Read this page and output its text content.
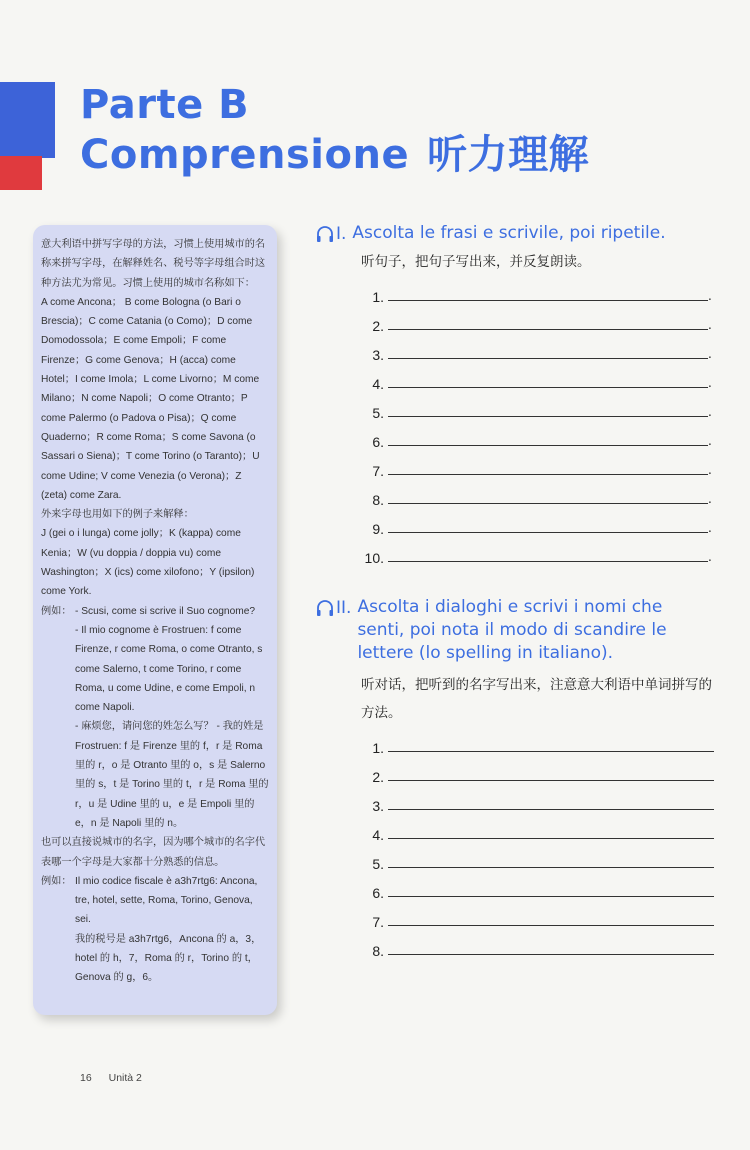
Parte B
Comprensione 听力理解

意大利语中拼写字母的方法，习惯上使用城市的名称来拼写字母，在解释姓名、税号等字母组合时这种方法尤为常见。习惯上使用的城市名称如下：

A come Ancona； B come Bologna (o Bari o Brescia)；C come Catania (o Como)；D come Domodossola；E come Empoli；F come Firenze；G come Genova；H (acca) come Hotel；I come Imola；L come Livorno；M come Milano；N come Napoli；O come Otranto；P come Palermo (o Padova o Pisa)；Q come Quaderno；R come Roma；S come Savona (o Sassari o Siena)；T come Torino (o Taranto)；U come Udine; V come Venezia (o Verona)；Z (zeta) come Zara.

外来字母也用如下的例子来解释：

J (gei o i lunga) come jolly；K (kappa) come Kenia；W (vu doppia / doppia vu) come Washington；X (ics) come xilofono；Y (ipsilon) come York.

例如： - Scusi, come si scrive il Suo cognome?

- Il mio cognome è Frostruen: f come Firenze, r come Roma, o come Otranto, s come Salerno, t come Torino, r come Roma, u come Udine, e come Empoli, n come Napoli.

- 麻烦您，请问您的姓怎么写？ - 我的姓是 Frostruen: f 是 Firenze 里的 f，r 是 Roma 里的 r，o 是 Otranto 里的 o，s 是 Salerno 里的 s，t 是 Torino 里的 t，r 是 Roma 里的 r，u 是 Udine 里的 u，e 是 Empoli 里的 e，n 是 Napoli 里的 n。

也可以直接说城市的名字，因为哪个城市的名字代表哪一个字母是大家都十分熟悉的信息。

例如： Il mio codice fiscale è a3h7rtg6: Ancona, tre, hotel, sette, Roma, Torino, Genova, sei.

我的税号是 a3h7rtg6，Ancona 的 a，3，hotel 的 h，7，Roma 的 r，Torino 的 t，Genova 的 g，6。

I. Ascolta le frasi e scrivile, poi ripetile.
听句子，把句子写出来，并反复朗读。
1.	.
2.	.
3.	.
4.	.
5.	.
6.	.
7.	.
8.	.
9.	.
10.	.
II. Ascolta i dialoghi e scrivi i nomi che senti, poi nota il modo di scandire le lettere (lo spelling in italiano).
听对话，把听到的名字写出来，注意意大利语中单词拼写的方法。
1.
2.
3.
4.
5.
6.
7.
8.
16 Unità 2
